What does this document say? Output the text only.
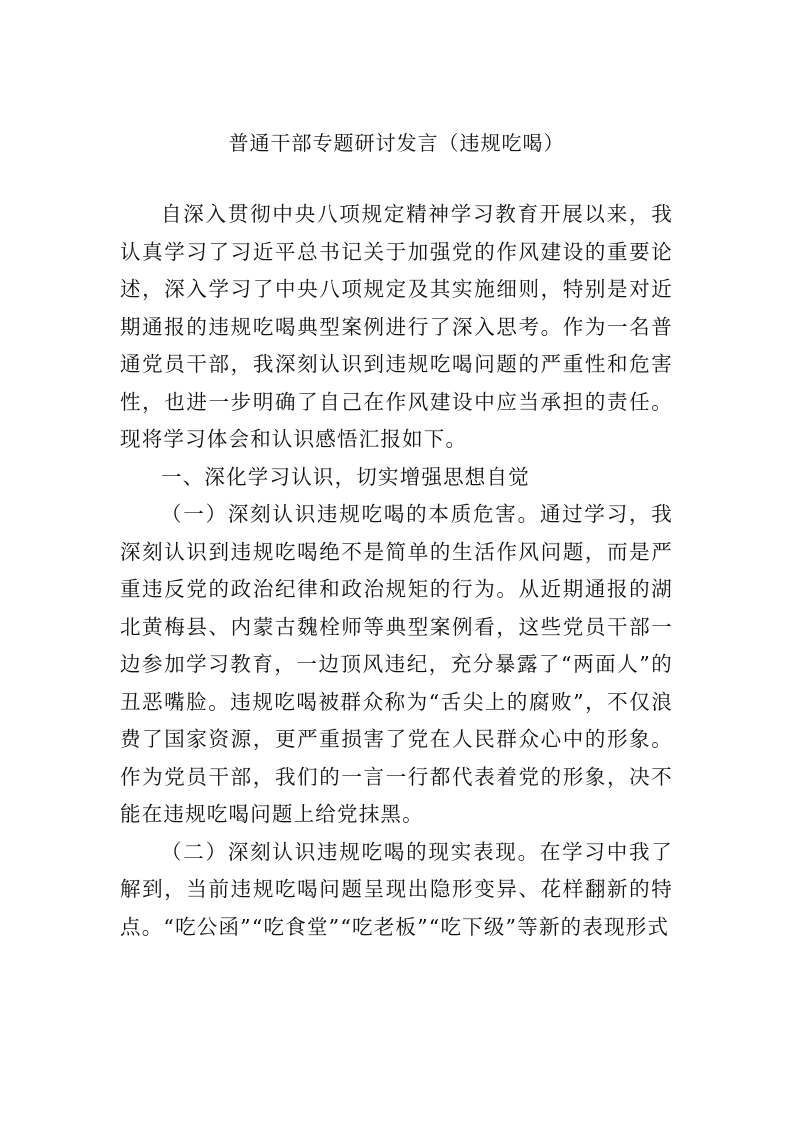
普通干部专题研讨发言（违规吃喝）

自深入贯彻中央八项规定精神学习教育开展以来，我认真学习了习近平总书记关于加强党的作风建设的重要论述，深入学习了中央八项规定及其实施细则，特别是对近期通报的违规吃喝典型案例进行了深入思考。作为一名普通党员干部，我深刻认识到违规吃喝问题的严重性和危害性，也进一步明确了自己在作风建设中应当承担的责任。现将学习体会和认识感悟汇报如下。

一、深化学习认识，切实增强思想自觉

（一）深刻认识违规吃喝的本质危害。通过学习，我深刻认识到违规吃喝绝不是简单的生活作风问题，而是严重违反党的政治纪律和政治规矩的行为。从近期通报的湖北黄梅县、内蒙古魏栓师等典型案例看，这些党员干部一边参加学习教育，一边顶风违纪，充分暴露了“两面人”的丑恶嘴脸。违规吃喝被群众称为“舌尖上的腐败”，不仅浪费了国家资源，更严重损害了党在人民群众心中的形象。作为党员干部，我们的一言一行都代表着党的形象，决不能在违规吃喝问题上给党抹黑。

（二）深刻认识违规吃喝的现实表现。在学习中我了解到，当前违规吃喝问题呈现出隐形变异、花样翻新的特点。“吃公函”“吃食堂”“吃老板”“吃下级”等新的表现形式
